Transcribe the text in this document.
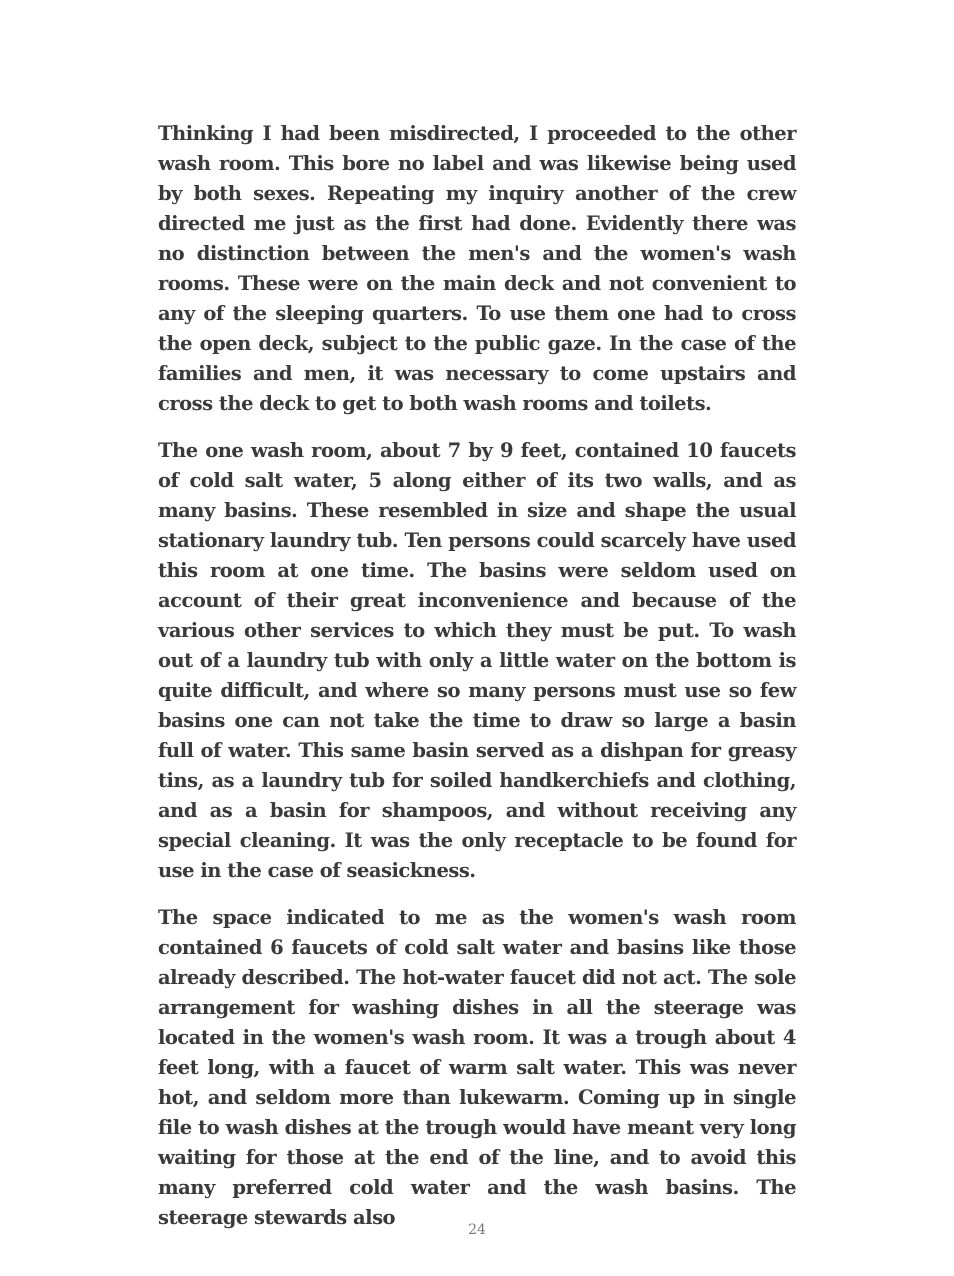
Thinking I had been misdirected, I proceeded to the other wash room. This bore no label and was likewise being used by both sexes. Repeating my inquiry another of the crew directed me just as the first had done. Evidently there was no distinction between the men's and the women's wash rooms. These were on the main deck and not convenient to any of the sleeping quarters. To use them one had to cross the open deck, subject to the public gaze. In the case of the families and men, it was necessary to come upstairs and cross the deck to get to both wash rooms and toilets.

The one wash room, about 7 by 9 feet, contained 10 faucets of cold salt water, 5 along either of its two walls, and as many basins. These resembled in size and shape the usual stationary laundry tub. Ten persons could scarcely have used this room at one time. The basins were seldom used on account of their great inconvenience and because of the various other services to which they must be put. To wash out of a laundry tub with only a little water on the bottom is quite difficult, and where so many persons must use so few basins one can not take the time to draw so large a basin full of water. This same basin served as a dishpan for greasy tins, as a laundry tub for soiled handkerchiefs and clothing, and as a basin for shampoos, and without receiving any special cleaning. It was the only receptacle to be found for use in the case of seasickness.

The space indicated to me as the women's wash room contained 6 faucets of cold salt water and basins like those already described. The hot-water faucet did not act. The sole arrangement for washing dishes in all the steerage was located in the women's wash room. It was a trough about 4 feet long, with a faucet of warm salt water. This was never hot, and seldom more than lukewarm. Coming up in single file to wash dishes at the trough would have meant very long waiting for those at the end of the line, and to avoid this many preferred cold water and the wash basins. The steerage stewards also

24
